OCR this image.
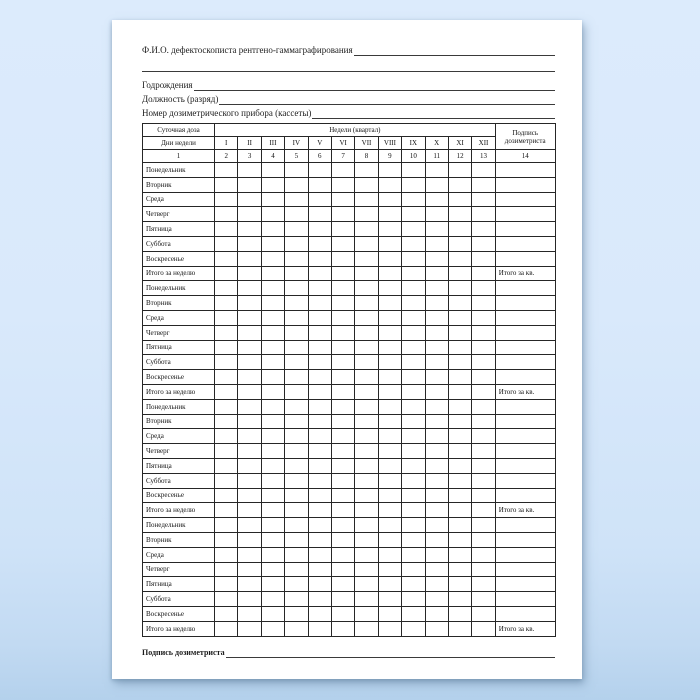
Ф.И.О. дефектоскописта рентгено-гаммаграфирования
Годрождения
Должность (разряд)
Номер дозиметрического прибора (кассеты)
Суточная доза	Недели (квартал)												Подпись дозиметриста
Дни недели	I	II	III	IV	V	VI	VII	VIII	IX	X	XI	XII	
1	2	3	4	5	6	7	8	9	10	11	12	13	14
Понедельник													
Вторник													
Среда													
Четверг													
Пятница													
Суббота													
Воскресенье													
Итого за неделю													Итого за кв.
Понедельник													
Вторник													
Среда													
Четверг													
Пятница													
Суббота													
Воскресенье													
Итого за неделю													Итого за кв.
Понедельник													
Вторник													
Среда													
Четверг													
Пятница													
Суббота													
Воскресенье													
Итого за неделю													Итого за кв.
Понедельник													
Вторник													
Среда													
Четверг													
Пятница													
Суббота													
Воскресенье													
Итого за неделю													Итого за кв.
Подпись дозиметриста
